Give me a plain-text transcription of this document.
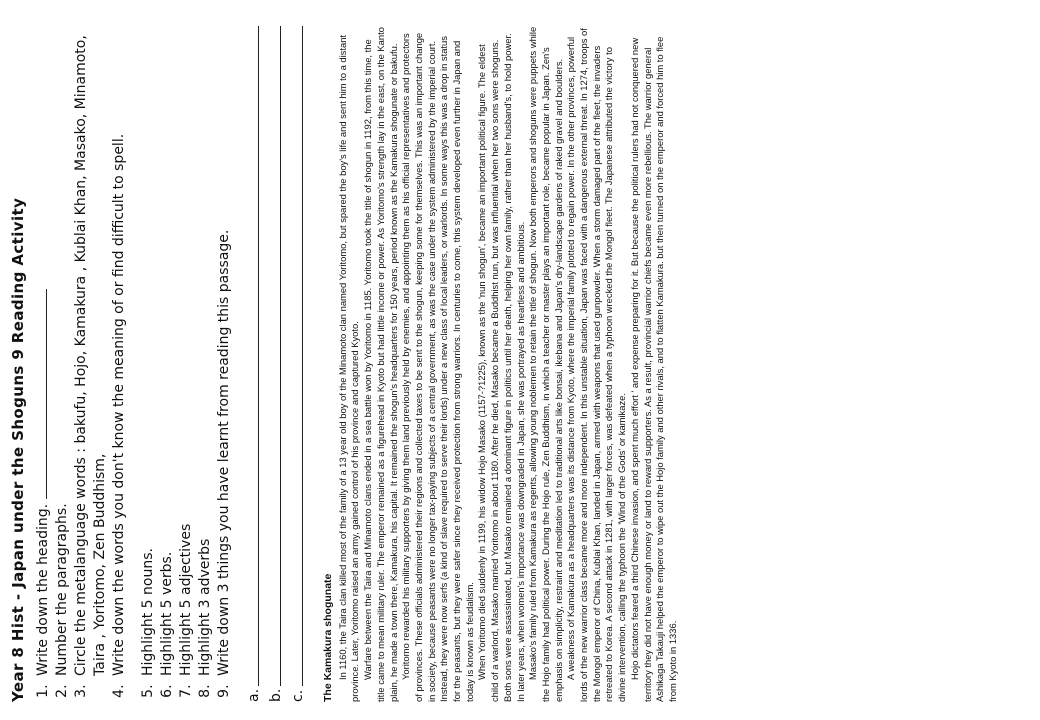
Year 8 Hist - Japan under the Shoguns 9 Reading Activity 1. Write down the heading. 2. Number the paragraphs. 3. Circle the metalanguage words : bakufu, Hojo, Kamakura , Kublai Khan, Masako, Minamoto, Taira , Yoritomo, Zen Buddhism, 4. Write down the words you don't know the meaning of or find difficult to spell. 5. Highlight 5 nouns. 6. Highlight 5 verbs. 7. Highlight 5 adjectives 8. Highlight 3 adverbs 9. Write down 3 things you have learnt from reading this passage.
a. b. c. The Kamakura shogunate In 1160, the Taira clan killed most of the family of a 13 year old boy of the Minamoto clan named Yoritomo, but spared the boy's life and sent him to a distant province. Later, Yoritomo raised an army, gained control of his province and captured Kyoto. Warfare between the Taira and Minamoto clans ended in a sea battle won by Yoritomo in 1185. Yoritomo took the title of shogun in 1192, from this time, the title came to mean military ruler. The emperor remained as a figurehead in Kyoto but had little income or power. As Yoritomo's strength lay in the east, on the Kanto plain, he made a town there, Kamakura, his capital. It remained the shogun's headquarters for 150 years, period known as the Kamakura shogunate or bakufu. Yoritomo rewarded his military supporters by giving them land previously held by enemies, and appointing them as his official representatives and protectors of provinces. These officials administered their regions and collected taxes to be sent to the shogun, keeping some for themselves. This was an important change in society, because peasants were no longer tax-paying subjects of a central government, as was the case under the system administered by the imperial court. Instead, they were now serfs (a kind of slave required to serve their lords) under a new class of local leaders, or warlords. In some ways this was a drop in status for the peasants, but they were safer since they received protection from strong warriors. In centuries to come, this system developed even further in Japan and today is known as feudalism. When Yoritomo died suddenly in 1199, his widow Hojo Masako (1157-?1225), known as the 'nun shogun', became an important political figure. The eldest child of a warlord, Masako married Yoritomo in about 1180. After he died, Masako became a Buddhist nun, but was influential when her two sons were shoguns. Both sons were assassinated, but Masako remained a dominant figure in politics until her death, helping her own family, rather than her husband's, to hold power. In later years, when women's importance was downgraded in Japan, she was portrayed as heartless and ambitious. Masako's family ruled from Kamakura as regents, allowing young noblemen to retain the title of shogun. Now both emperors and shoguns were puppets while the Hojo family had political power. During the Hojo rule, Zen Buddhism, in which a teacher or master plays an important role, became popular in Japan. Zen's emphasis on simplicity, restraint and meditation led to traditional arts like bonsai, ikebana and Japan's dry-landscape gardens of raked gravel and boulders. A weakness of Kamakura as a headquarters was its distance from Kyoto, where the imperial family plotted to regain power. In the other provinces, powerful lords of the new warrior class became more and more independent. In this unstable situation, Japan was faced with a dangerous external threat. In 1274, troops of the Mongol emperor of China, Kublai Khan, landed in Japan, armed with weapons that used gunpowder. When a storm damaged part of the fleet, the invaders retreated to Korea. A second attack in 1281, with larger forces, was defeated when a typhoon wrecked the Mongol fleet. The Japanese attributed the victory to divine intervention, calling the typhoon the 'Wind of the Gods' or kamikaze. Hojo dictators feared a third Chinese invasion, and spent much effort ' and expense preparing for it. But because the political rulers had not conquered new territory they did not have enough money or land to reward supporters. As a result, provincial warrior chiefs became even more rebellious. The warrior general Ashikaga Takauji helped the emperor to wipe out the Hojo family and other rivals, and to flatten Kamakura. but then turned on the emperor and forced him to flee from Kyoto in 1336.
